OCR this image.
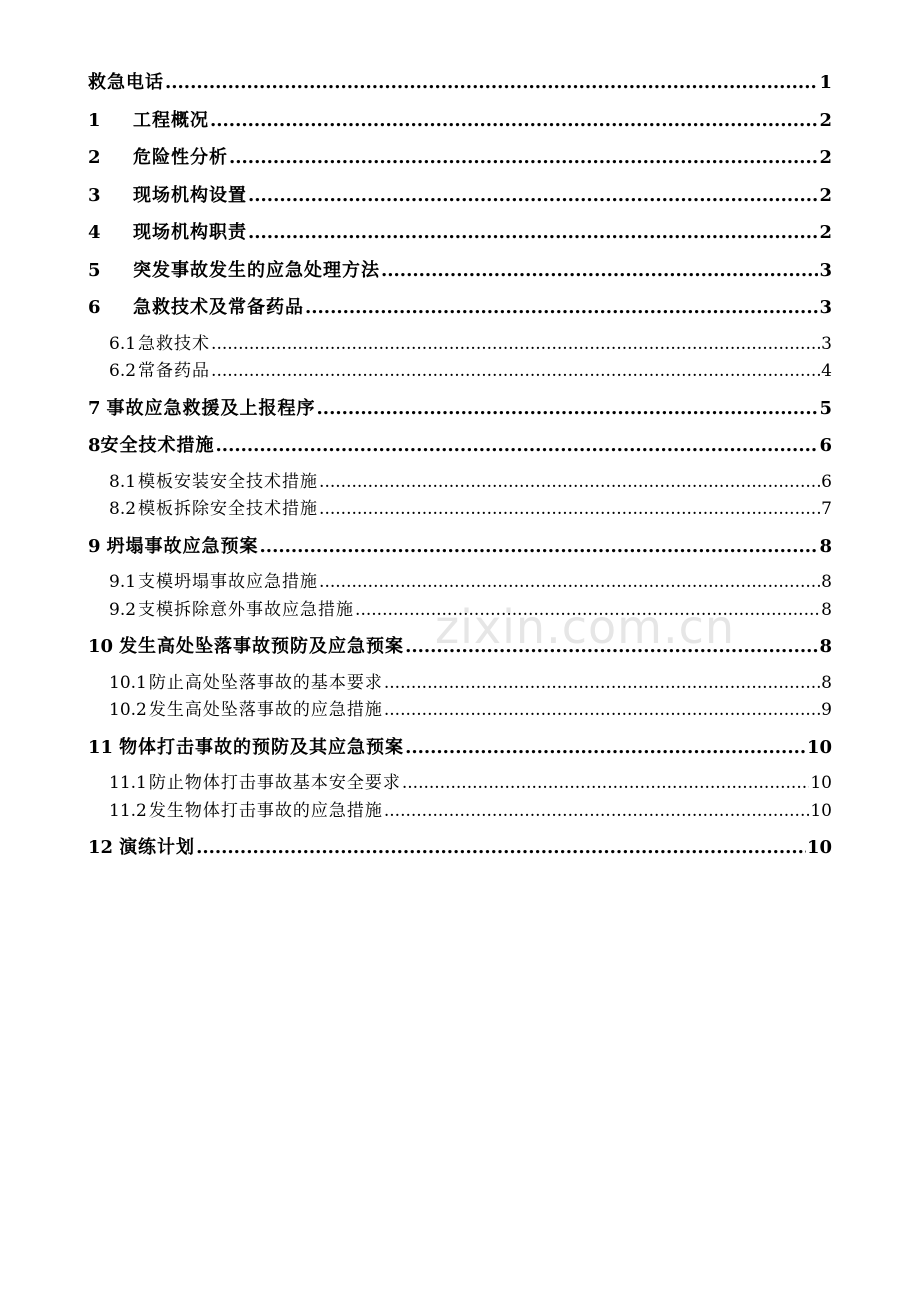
救急电话 .....	1
1	工程概况 .....	2
2	危险性分析 .....	2
3	现场机构设置 .....	2
4	现场机构职责 .....	2
5	突发事故发生的应急处理方法 .....	3
6	急救技术及常备药品 .....	3
6.1 急救技术 .....	3
6.2 常备药品 .....	4
7 事故应急救援及上报程序 .....	5
8 安全技术措施 .....	6
8.1 模板安装安全技术措施 .....	6
8.2 模板拆除安全技术措施 .....	7
9 坍塌事故应急预案 .....	8
9.1 支模坍塌事故应急措施 .....	8
9.2 支模拆除意外事故应急措施 .....	8
10 发生高处坠落事故预防及应急预案 .....	8
10.1 防止高处坠落事故的基本要求 .....	8
10.2 发生高处坠落事故的应急措施 .....	9
11 物体打击事故的预防及其应急预案 .....	10
11.1 防止物体打击事故基本安全要求 .....	10
11.2 发生物体打击事故的应急措施 .....	10
12 演练计划 .....	10
zixin.com.cn
